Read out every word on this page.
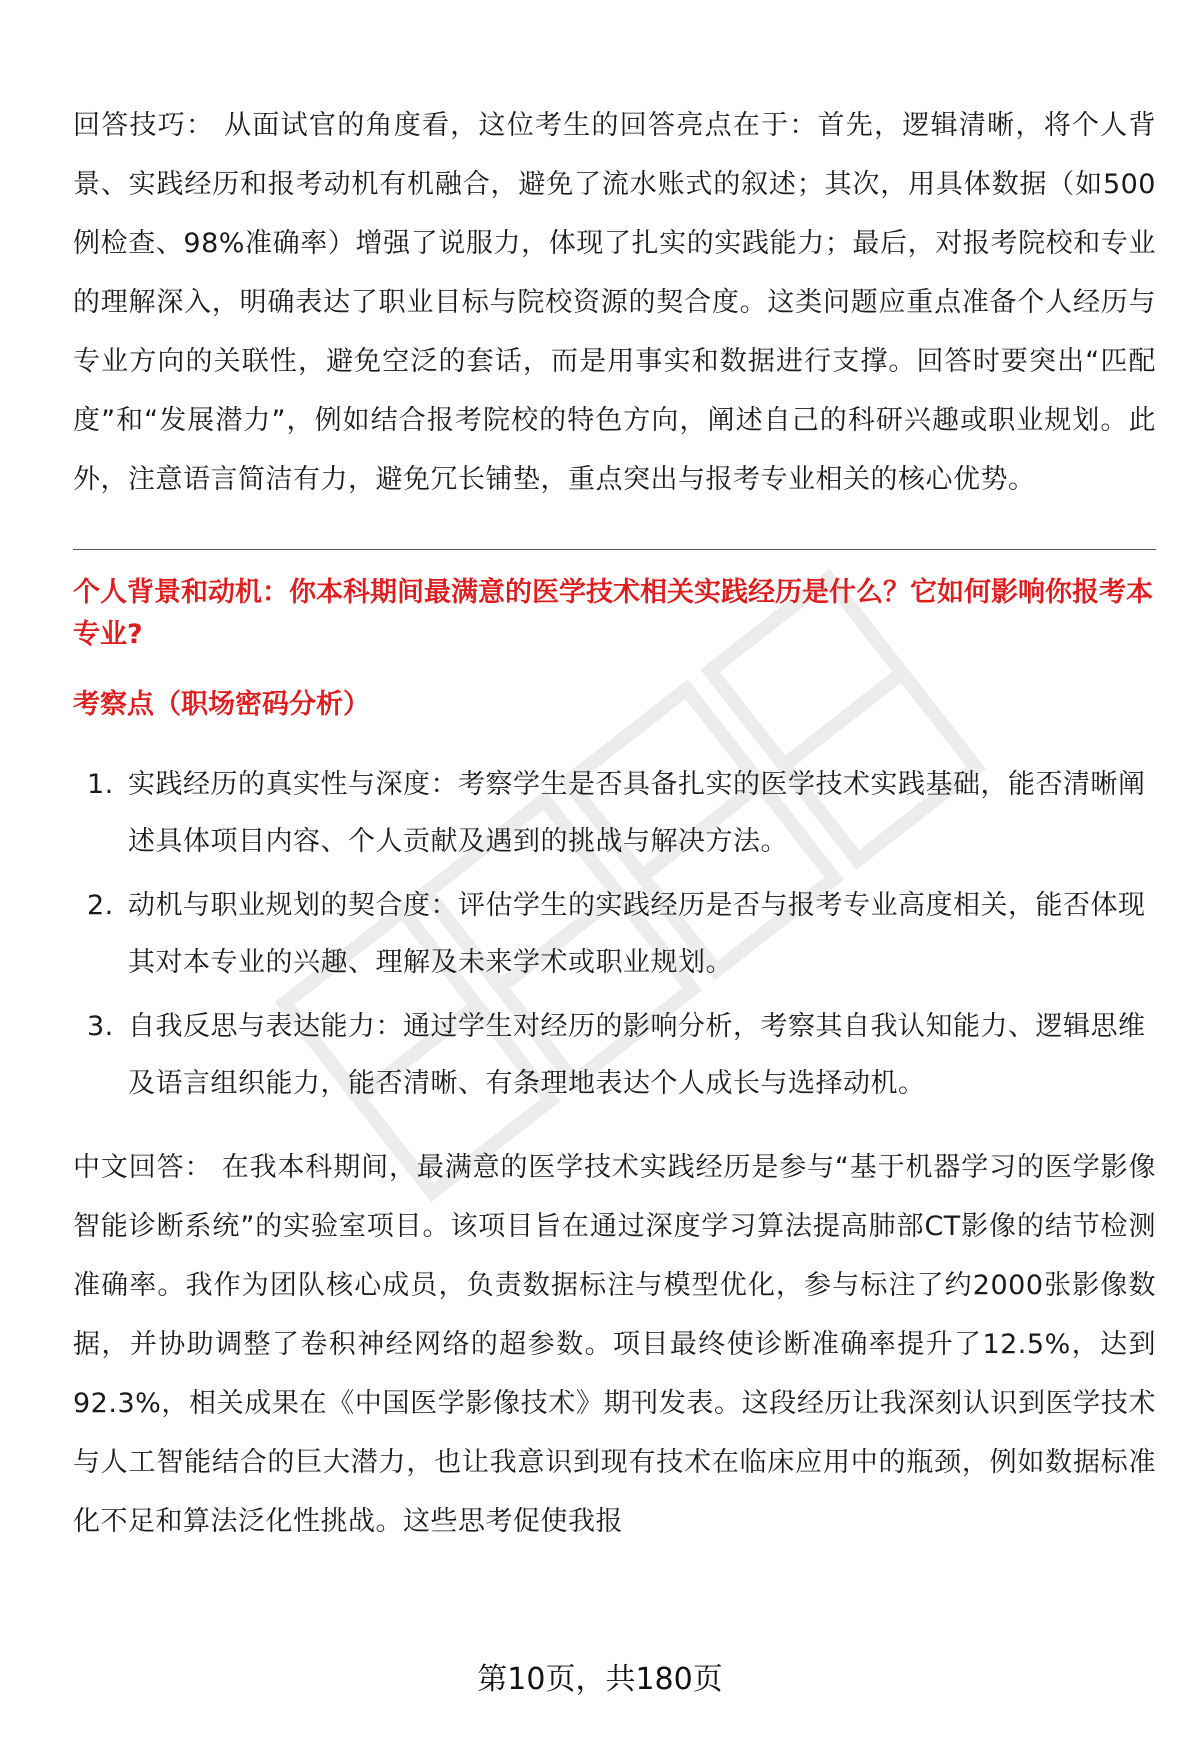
回答技巧： 从面试官的角度看，这位考生的回答亮点在于：首先，逻辑清晰，将个人背景、实践经历和报考动机有机融合，避免了流水账式的叙述；其次，用具体数据（如500例检查、98%准确率）增强了说服力，体现了扎实的实践能力；最后，对报考院校和专业的理解深入，明确表达了职业目标与院校资源的契合度。这类问题应重点准备个人经历与专业方向的关联性，避免空泛的套话，而是用事实和数据进行支撑。回答时要突出“匹配度”和“发展潜力”，例如结合报考院校的特色方向，阐述自己的科研兴趣或职业规划。此外，注意语言简洁有力，避免冗长铺垫，重点突出与报考专业相关的核心优势。

个人背景和动机：你本科期间最满意的医学技术相关实践经历是什么？它如何影响你报考本专业?
考察点（职场密码分析）
1. 实践经历的真实性与深度：考察学生是否具备扎实的医学技术实践基础，能否清晰阐述具体项目内容、个人贡献及遇到的挑战与解决方法。
2. 动机与职业规划的契合度：评估学生的实践经历是否与报考专业高度相关，能否体现其对本专业的兴趣、理解及未来学术或职业规划。
3. 自我反思与表达能力：通过学生对经历的影响分析，考察其自我认知能力、逻辑思维及语言组织能力，能否清晰、有条理地表达个人成长与选择动机。

中文回答： 在我本科期间，最满意的医学技术实践经历是参与“基于机器学习的医学影像智能诊断系统”的实验室项目。该项目旨在通过深度学习算法提高肺部CT影像的结节检测准确率。我作为团队核心成员，负责数据标注与模型优化，参与标注了约2000张影像数据，并协助调整了卷积神经网络的超参数。项目最终使诊断准确率提升了12.5%，达到92.3%，相关成果在《中国医学影像技术》期刊发表。这段经历让我深刻认识到医学技术与人工智能结合的巨大潜力，也让我意识到现有技术在临床应用中的瓶颈，例如数据标准化不足和算法泛化性挑战。这些思考促使我报

第10页，共180页
